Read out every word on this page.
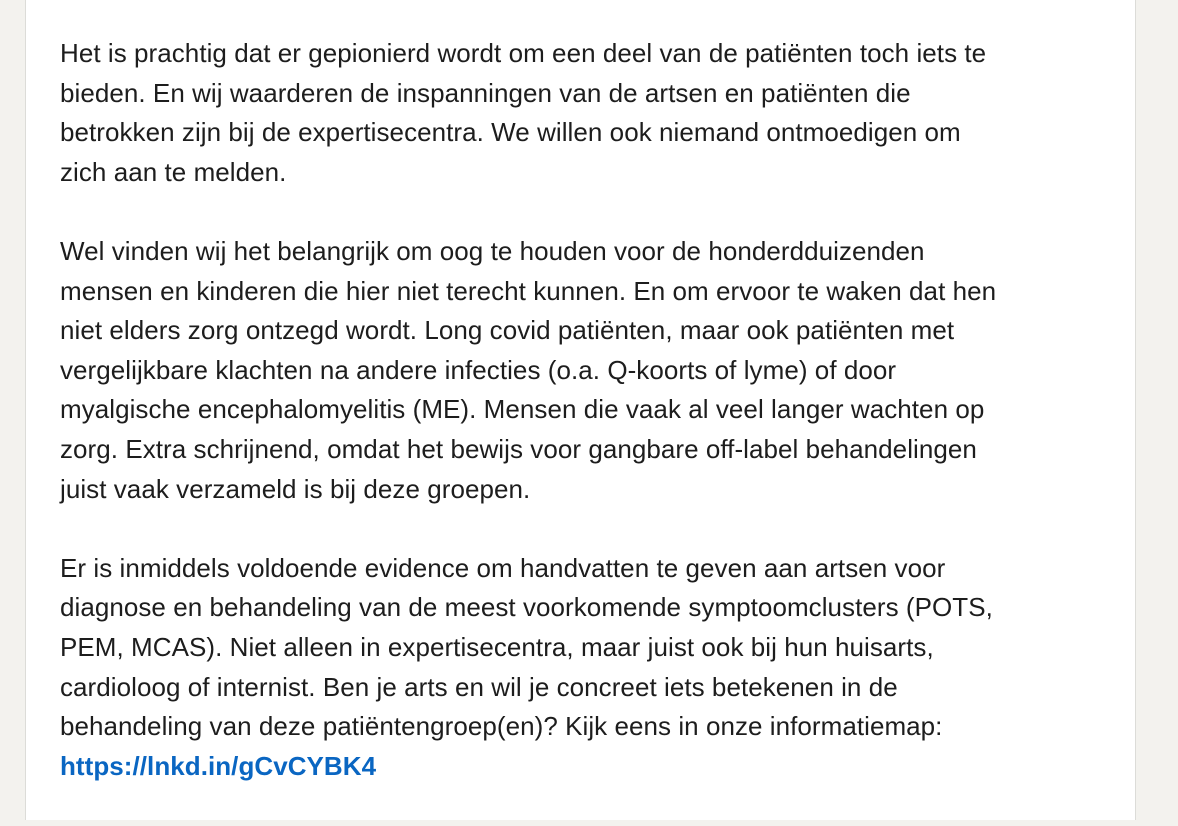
Het is prachtig dat er gepionierd wordt om een deel van de patiënten toch iets te
bieden. En wij waarderen de inspanningen van de artsen en patiënten die
betrokken zijn bij de expertisecentra. We willen ook niemand ontmoedigen om
zich aan te melden.
Wel vinden wij het belangrijk om oog te houden voor de honderdduizenden
mensen en kinderen die hier niet terecht kunnen. En om ervoor te waken dat hen
niet elders zorg ontzegd wordt. Long covid patiënten, maar ook patiënten met
vergelijkbare klachten na andere infecties (o.a. Q-koorts of lyme) of door
myalgische encephalomyelitis (ME). Mensen die vaak al veel langer wachten op
zorg. Extra schrijnend, omdat het bewijs voor gangbare off-label behandelingen
juist vaak verzameld is bij deze groepen.
Er is inmiddels voldoende evidence om handvatten te geven aan artsen voor
diagnose en behandeling van de meest voorkomende symptoomclusters (POTS,
PEM, MCAS). Niet alleen in expertisecentra, maar juist ook bij hun huisarts,
cardioloog of internist. Ben je arts en wil je concreet iets betekenen in de
behandeling van deze patiëntengroep(en)? Kijk eens in onze informatiemap:
https://lnkd.in/gCvCYBK4
